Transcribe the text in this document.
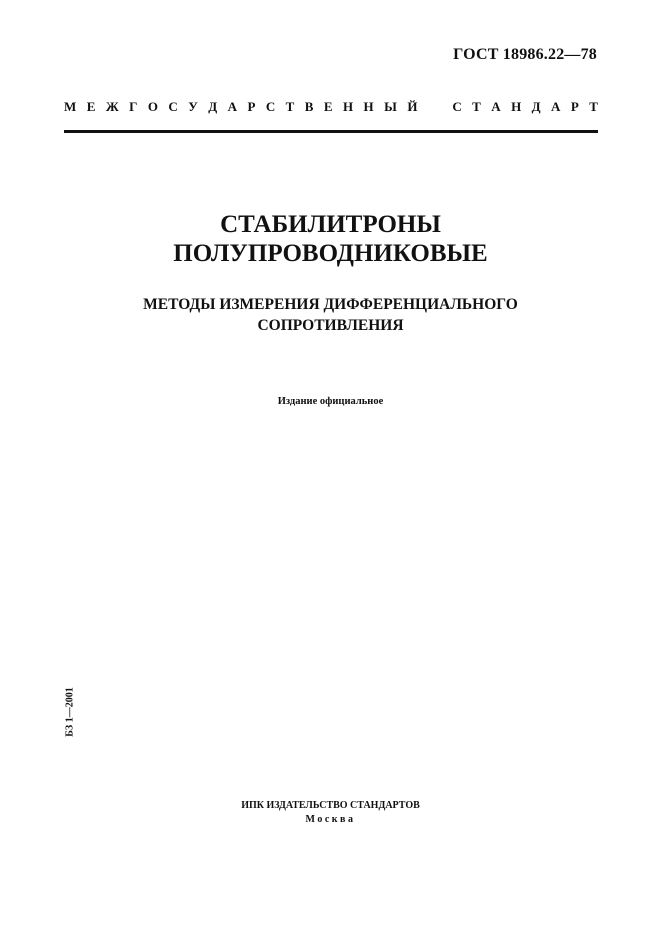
ГОСТ 18986.22—78
М Е Ж Г О С У Д А Р С Т В Е Н Н Ы Й	С Т А Н Д А Р Т
СТАБИЛИТРОНЫ
ПОЛУПРОВОДНИКОВЫЕ
МЕТОДЫ ИЗМЕРЕНИЯ ДИФФЕРЕНЦИАЛЬНОГО
СОПРОТИВЛЕНИЯ
Издание официальное
БЗ 1—2001
ИПК ИЗДАТЕЛЬСТВО СТАНДАРТОВ
Москва
